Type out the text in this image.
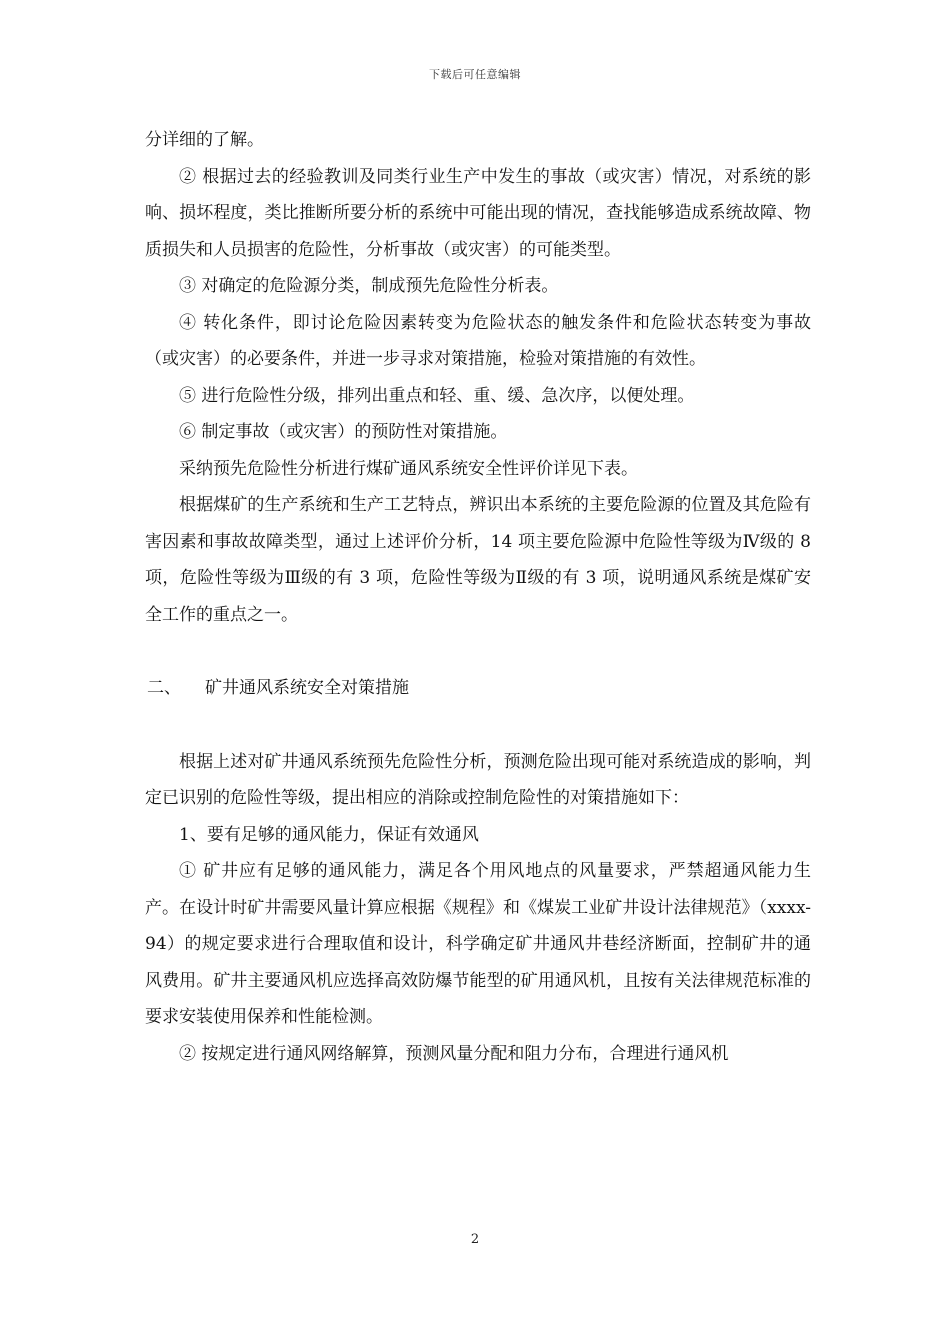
下载后可任意编辑

分详细的了解。

② 根据过去的经验教训及同类行业生产中发生的事故（或灾害）情况，对系统的影响、损坏程度，类比推断所要分析的系统中可能出现的情况，查找能够造成系统故障、物质损失和人员损害的危险性，分析事故（或灾害）的可能类型。

③ 对确定的危险源分类，制成预先危险性分析表。

④ 转化条件，即讨论危险因素转变为危险状态的触发条件和危险状态转变为事故（或灾害）的必要条件，并进一步寻求对策措施，检验对策措施的有效性。

⑤ 进行危险性分级，排列出重点和轻、重、缓、急次序，以便处理。

⑥ 制定事故（或灾害）的预防性对策措施。

采纳预先危险性分析进行煤矿通风系统安全性评价详见下表。

根据煤矿的生产系统和生产工艺特点，辨识出本系统的主要危险源的位置及其危险有害因素和事故故障类型，通过上述评价分析，14 项主要危险源中危险性等级为Ⅳ级的 8 项，危险性等级为Ⅲ级的有 3 项，危险性等级为Ⅱ级的有 3 项，说明通风系统是煤矿安全工作的重点之一。

二、 矿井通风系统安全对策措施

根据上述对矿井通风系统预先危险性分析，预测危险出现可能对系统造成的影响，判定已识别的危险性等级，提出相应的消除或控制危险性的对策措施如下：

1、要有足够的通风能力，保证有效通风

① 矿井应有足够的通风能力，满足各个用风地点的风量要求，严禁超通风能力生产。在设计时矿井需要风量计算应根据《规程》和《煤炭工业矿井设计法律规范》（xxxx-94）的规定要求进行合理取值和设计，科学确定矿井通风井巷经济断面，控制矿井的通风费用。矿井主要通风机应选择高效防爆节能型的矿用通风机，且按有关法律规范标准的要求安装使用保养和性能检测。

② 按规定进行通风网络解算，预测风量分配和阻力分布，合理进行通风机

2
